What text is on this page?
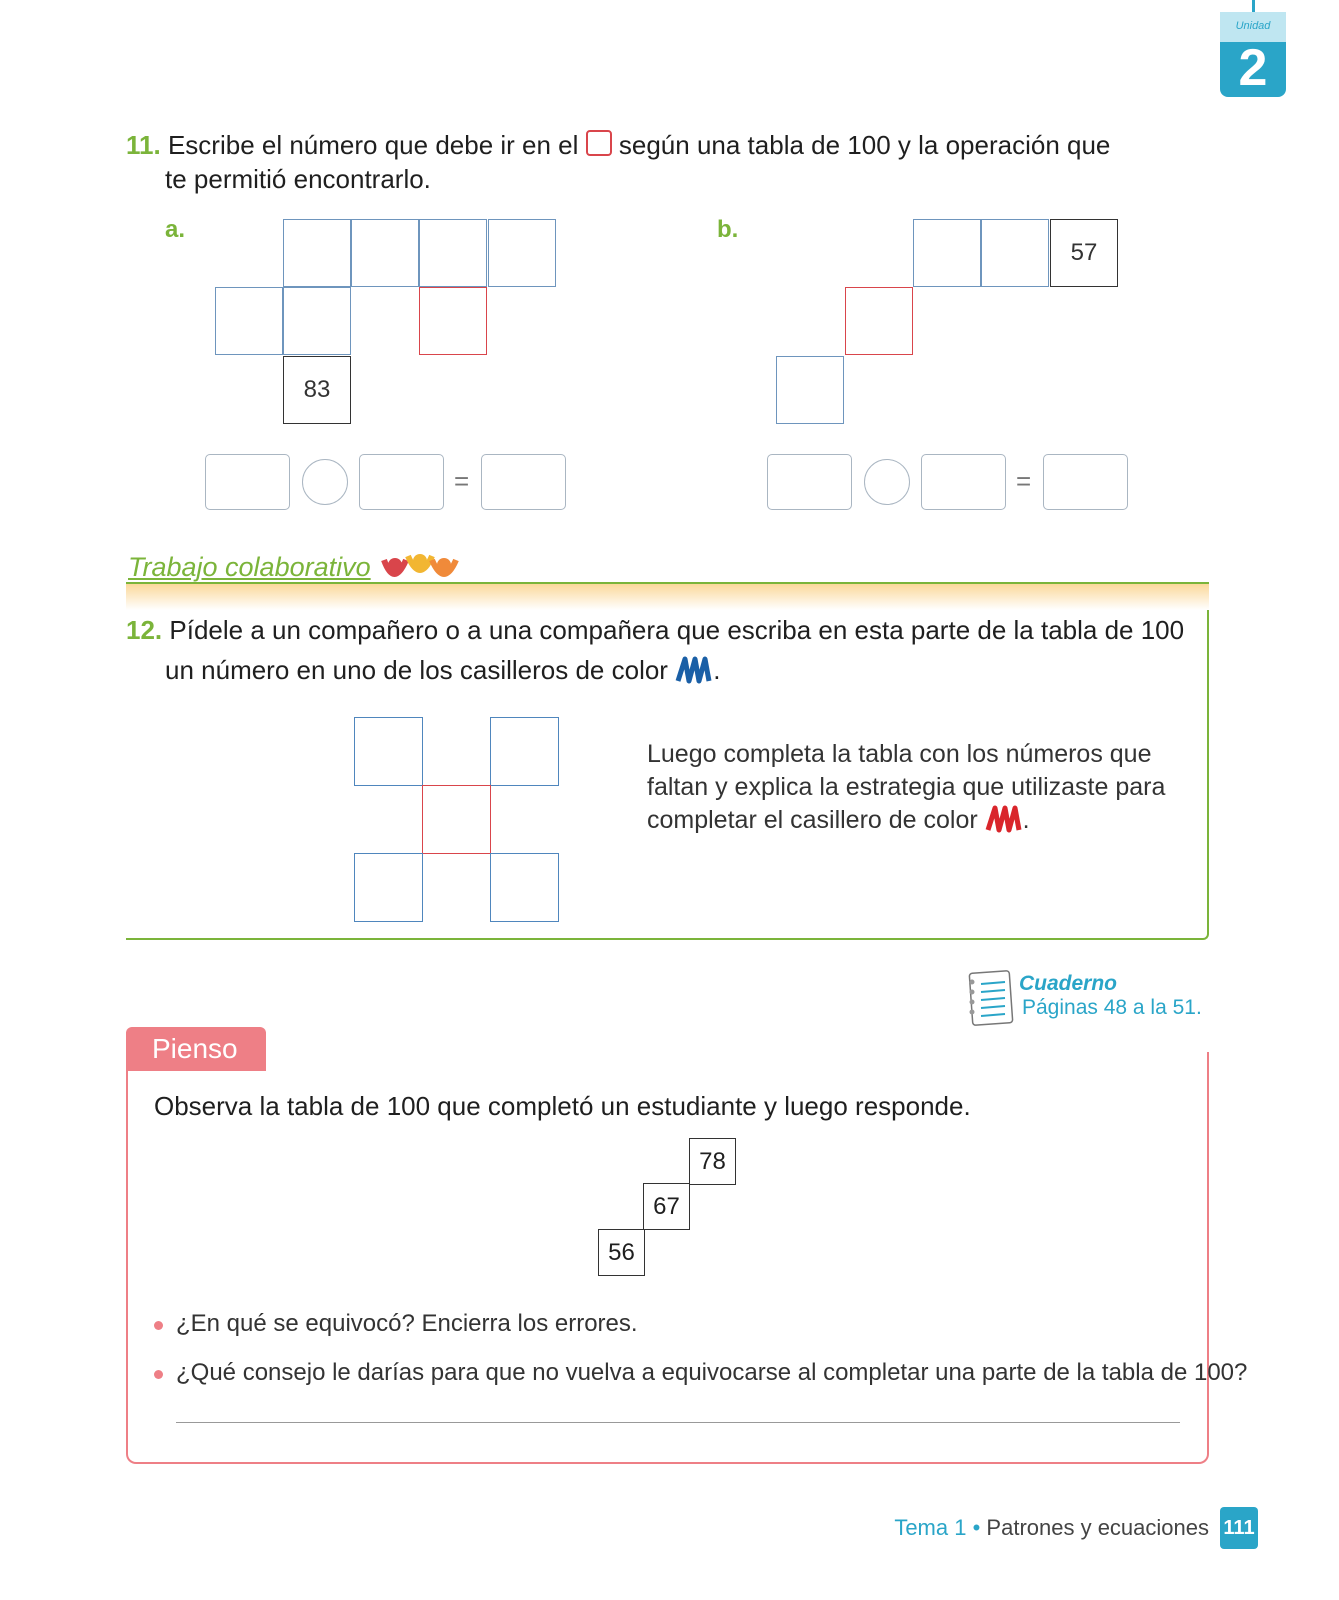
Unidad
2
11. Escribe el número que debe ir en el según una tabla de 100 y la operación que
te permitió encontrarlo.
a.
83
=
b.
57
=
Trabajo colaborativo
12. Pídele a un compañero o a una compañera que escriba en esta parte de la tabla de 100
un número en uno de los casilleros de color .
Luego completa la tabla con los números que
faltan y explica la estrategia que utilizaste para
completar el casillero de color .
Cuaderno
Páginas 48 a la 51.
Pienso
Observa la tabla de 100 que completó un estudiante y luego responde.
78
67
56
¿En qué se equivocó? Encierra los errores.
¿Qué consejo le darías para que no vuelva a equivocarse al completar una parte de la tabla de 100?
Tema 1 • Patrones y ecuaciones 111
